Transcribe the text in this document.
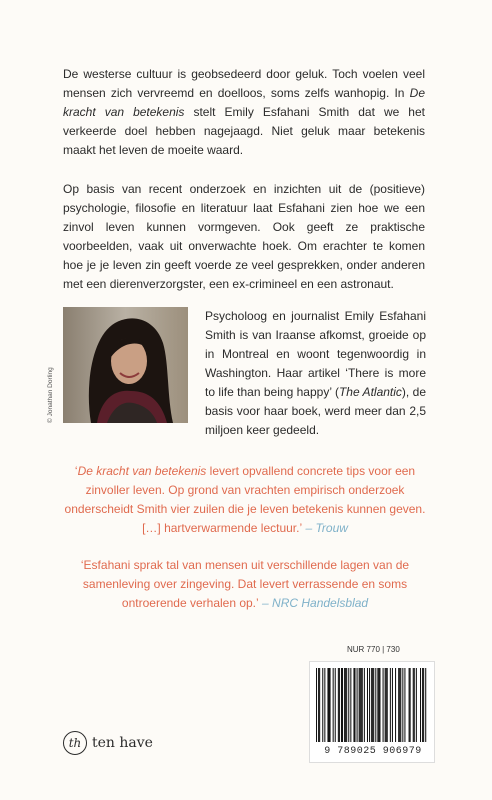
De westerse cultuur is geobsedeerd door geluk. Toch voelen veel mensen zich vervreemd en doelloos, soms zelfs wanhopig. In De kracht van betekenis stelt Emily Esfahani Smith dat we het verkeerde doel hebben nagejaagd. Niet geluk maar betekenis maakt het leven de moeite waard.

Op basis van recent onderzoek en inzichten uit de (positieve) psychologie, filosofie en literatuur laat Esfahani zien hoe we een zinvol leven kunnen vormgeven. Ook geeft ze praktische voorbeelden, vaak uit onverwachte hoek. Om erachter te komen hoe je je leven zin geeft voerde ze veel gesprekken, onder anderen met een dierenverzorgster, een ex-crimineel en een astronaut.

© Jonathan Dorling

Psycholoog en journalist Emily Esfahani Smith is van Iraanse afkomst, groeide op in Montreal en woont tegenwoordig in Washington. Haar artikel ‘There is more to life than being happy’ (The Atlantic), de basis voor haar boek, werd meer dan 2,5 miljoen keer gedeeld.

‘De kracht van betekenis levert opvallend concrete tips voor een zinvoller leven. Op grond van vrachten empirisch onderzoek onderscheidt Smith vier zuilen die je leven betekenis kunnen geven. […] hartverwarmende lectuur.’ – Trouw

‘Esfahani sprak tal van mensen uit verschillende lagen van de samenleving over zingeving. Dat levert verrassende en soms ontroerende verhalen op.’ – NRC Handelsblad

th ten have
NUR 770 | 730
9 789025 906979
